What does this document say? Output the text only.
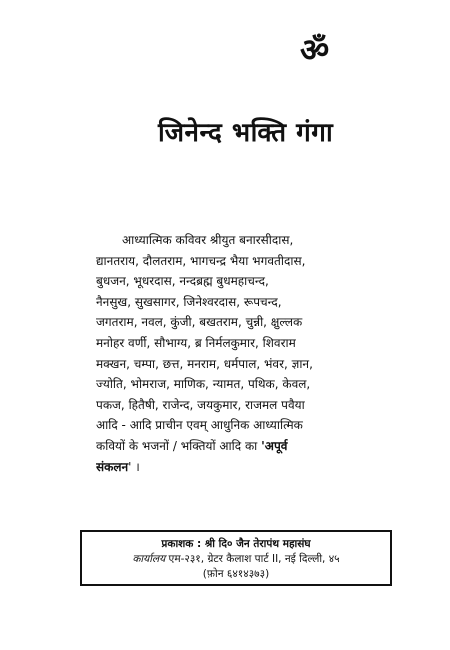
ॐ
जिनेन्द भक्ति गंगा
आध्यात्मिक कविवर श्रीयुत बनारसीदास,
द्यानतराय, दौलतराम, भागचन्द्र भैया भगवतीदास,
बुधजन, भूधरदास, नन्दब्रह्म बुधमहाचन्द,
नैनसुख, सुखसागर, जिनेश्वरदास, रूपचन्द,
जगतराम, नवल, कुंजी, बखतराम, चुन्नी, क्षुल्लक
मनोहर वर्णी, सौभाग्य, ब्र निर्मलकुमार, शिवराम
मक्खन, चम्पा, छत्त, मनराम, धर्मपाल, भंवर, ज्ञान,
ज्योति, भोमराज, माणिक, न्यामत, पथिक, केवल,
पकज, हितैषी, राजेन्द, जयकुमार, राजमल पवैया
आदि - आदि प्राचीन एवम् आधुनिक आध्यात्मिक
कवियों के भजनों / भक्तियों आदि का 'अपूर्व
संकलन' ।
प्रकाशक : श्री दि० जैन तेरापंथ महासंघ
कार्यालय एम-२३१, ग्रेटर कैलाश पार्ट II, नई दिल्ली, ४५
(फ़ोन ६४१४३७३)
